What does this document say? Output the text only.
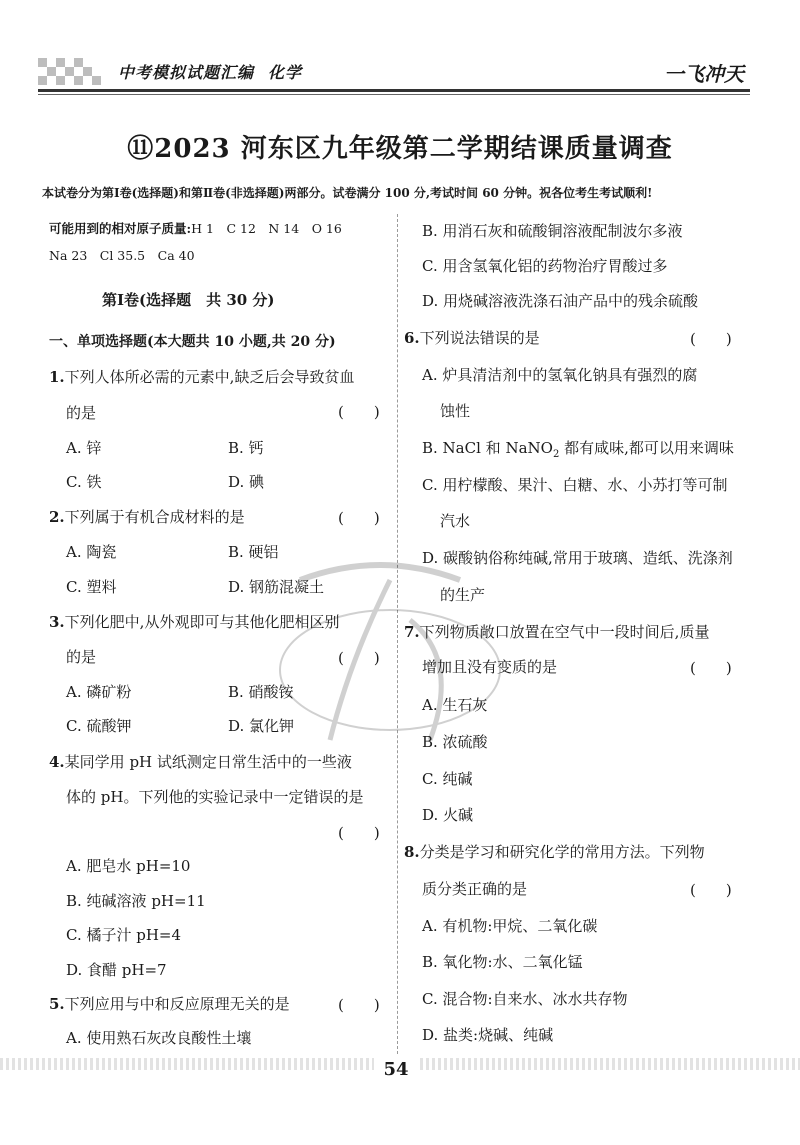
中考模拟试题汇编 化学	一飞冲天
⑪2023 河东区九年级第二学期结课质量调查
本试卷分为第Ⅰ卷(选择题)和第Ⅱ卷(非选择题)两部分。试卷满分 100 分,考试时间 60 分钟。祝各位考生考试顺利!
可能用到的相对原子质量:H 1　C 12　N 14　O 16
Na 23　Cl 35.5　Ca 40
第Ⅰ卷(选择题　共 30 分)
一、单项选择题(本大题共 10 小题,共 20 分)
1.下列人体所必需的元素中,缺乏后会导致贫血
的是	(　　)
A. 锌	B. 钙
C. 铁	D. 碘
2.下列属于有机合成材料的是	(　　)
A. 陶瓷	B. 硬铝
C. 塑料	D. 钢筋混凝土
3.下列化肥中,从外观即可与其他化肥相区别
的是	(　　)
A. 磷矿粉	B. 硝酸铵
C. 硫酸钾	D. 氯化钾
4.某同学用 pH 试纸测定日常生活中的一些液
体的 pH。下列他的实验记录中一定错误的是
(　　)
A. 肥皂水 pH=10
B. 纯碱溶液 pH=11
C. 橘子汁 pH=4
D. 食醋 pH=7
5.下列应用与中和反应原理无关的是	(　　)
A. 使用熟石灰改良酸性土壤
B. 用消石灰和硫酸铜溶液配制波尔多液
C. 用含氢氧化铝的药物治疗胃酸过多
D. 用烧碱溶液洗涤石油产品中的残余硫酸
6.下列说法错误的是	(　　)
A. 炉具清洁剂中的氢氧化钠具有强烈的腐
蚀性
B. NaCl 和 NaNO$_2$ 都有咸味,都可以用来调味
C. 用柠檬酸、果汁、白糖、水、小苏打等可制
汽水
D. 碳酸钠俗称纯碱,常用于玻璃、造纸、洗涤剂
的生产
7.下列物质敞口放置在空气中一段时间后,质量
增加且没有变质的是	(　　)
A. 生石灰
B. 浓硫酸
C. 纯碱
D. 火碱
8.分类是学习和研究化学的常用方法。下列物
质分类正确的是	(　　)
A. 有机物:甲烷、二氧化碳
B. 氧化物:水、二氧化锰
C. 混合物:自来水、冰水共存物
D. 盐类:烧碱、纯碱
54
